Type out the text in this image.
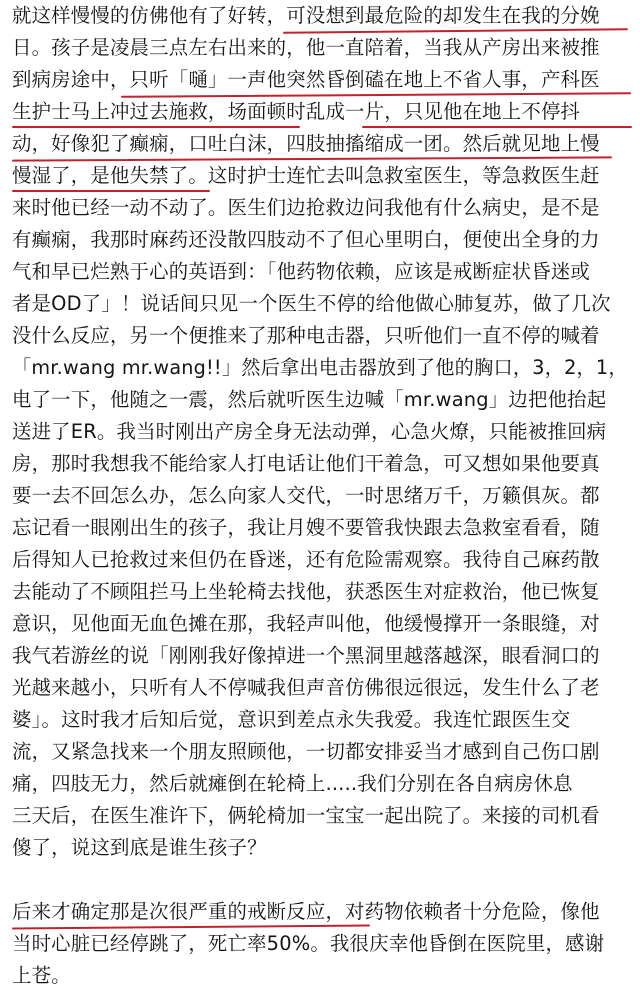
就这样慢慢的仿佛他有了好转，可没想到最危险的却发生在我的分娩
日。孩子是凌晨三点左右出来的，他一直陪着，当我从产房出来被推
到病房途中，只听「嗵」一声他突然昏倒磕在地上不省人事，产科医
生护士马上冲过去施救，场面顿时乱成一片，只见他在地上不停抖
动，好像犯了癫痫，口吐白沫，四肢抽搐缩成一团。然后就见地上慢
慢湿了，是他失禁了。这时护士连忙去叫急救室医生，等急救医生赶
来时他已经一动不动了。医生们边抢救边问我他有什么病史，是不是
有癫痫，我那时麻药还没散四肢动不了但心里明白，便使出全身的力
气和早已烂熟于心的英语到：「他药物依赖，应该是戒断症状昏迷或
者是OD了」！说话间只见一个医生不停的给他做心肺复苏，做了几次
没什么反应，另一个便推来了那种电击器，只听他们一直不停的喊着
「mr.wang mr.wang!!」然后拿出电击器放到了他的胸口，3，2，1，
电了一下，他随之一震，然后就听医生边喊「mr.wang」边把他抬起
送进了ER。我当时刚出产房全身无法动弹，心急火燎，只能被推回病
房，那时我想我不能给家人打电话让他们干着急，可又想如果他要真
要一去不回怎么办，怎么向家人交代，一时思绪万千，万籁俱灰。都
忘记看一眼刚出生的孩子，我让月嫂不要管我快跟去急救室看看，随
后得知人已抢救过来但仍在昏迷，还有危险需观察。我待自己麻药散
去能动了不顾阻拦马上坐轮椅去找他，获悉医生对症救治，他已恢复
意识，见他面无血色摊在那，我轻声叫他，他缓慢撑开一条眼缝，对
我气若游丝的说「刚刚我好像掉进一个黑洞里越落越深，眼看洞口的
光越来越小，只听有人不停喊我但声音仿佛很远很远，发生什么了老
婆」。这时我才后知后觉，意识到差点永失我爱。我连忙跟医生交
流，又紧急找来一个朋友照顾他，一切都安排妥当才感到自己伤口剧
痛，四肢无力，然后就瘫倒在轮椅上.....我们分别在各自病房休息
三天后，在医生准许下，俩轮椅加一宝宝一起出院了。来接的司机看
傻了，说这到底是谁生孩子？
后来才确定那是次很严重的戒断反应，对药物依赖者十分危险，像他
当时心脏已经停跳了，死亡率50%。我很庆幸他昏倒在医院里，感谢
上苍。
